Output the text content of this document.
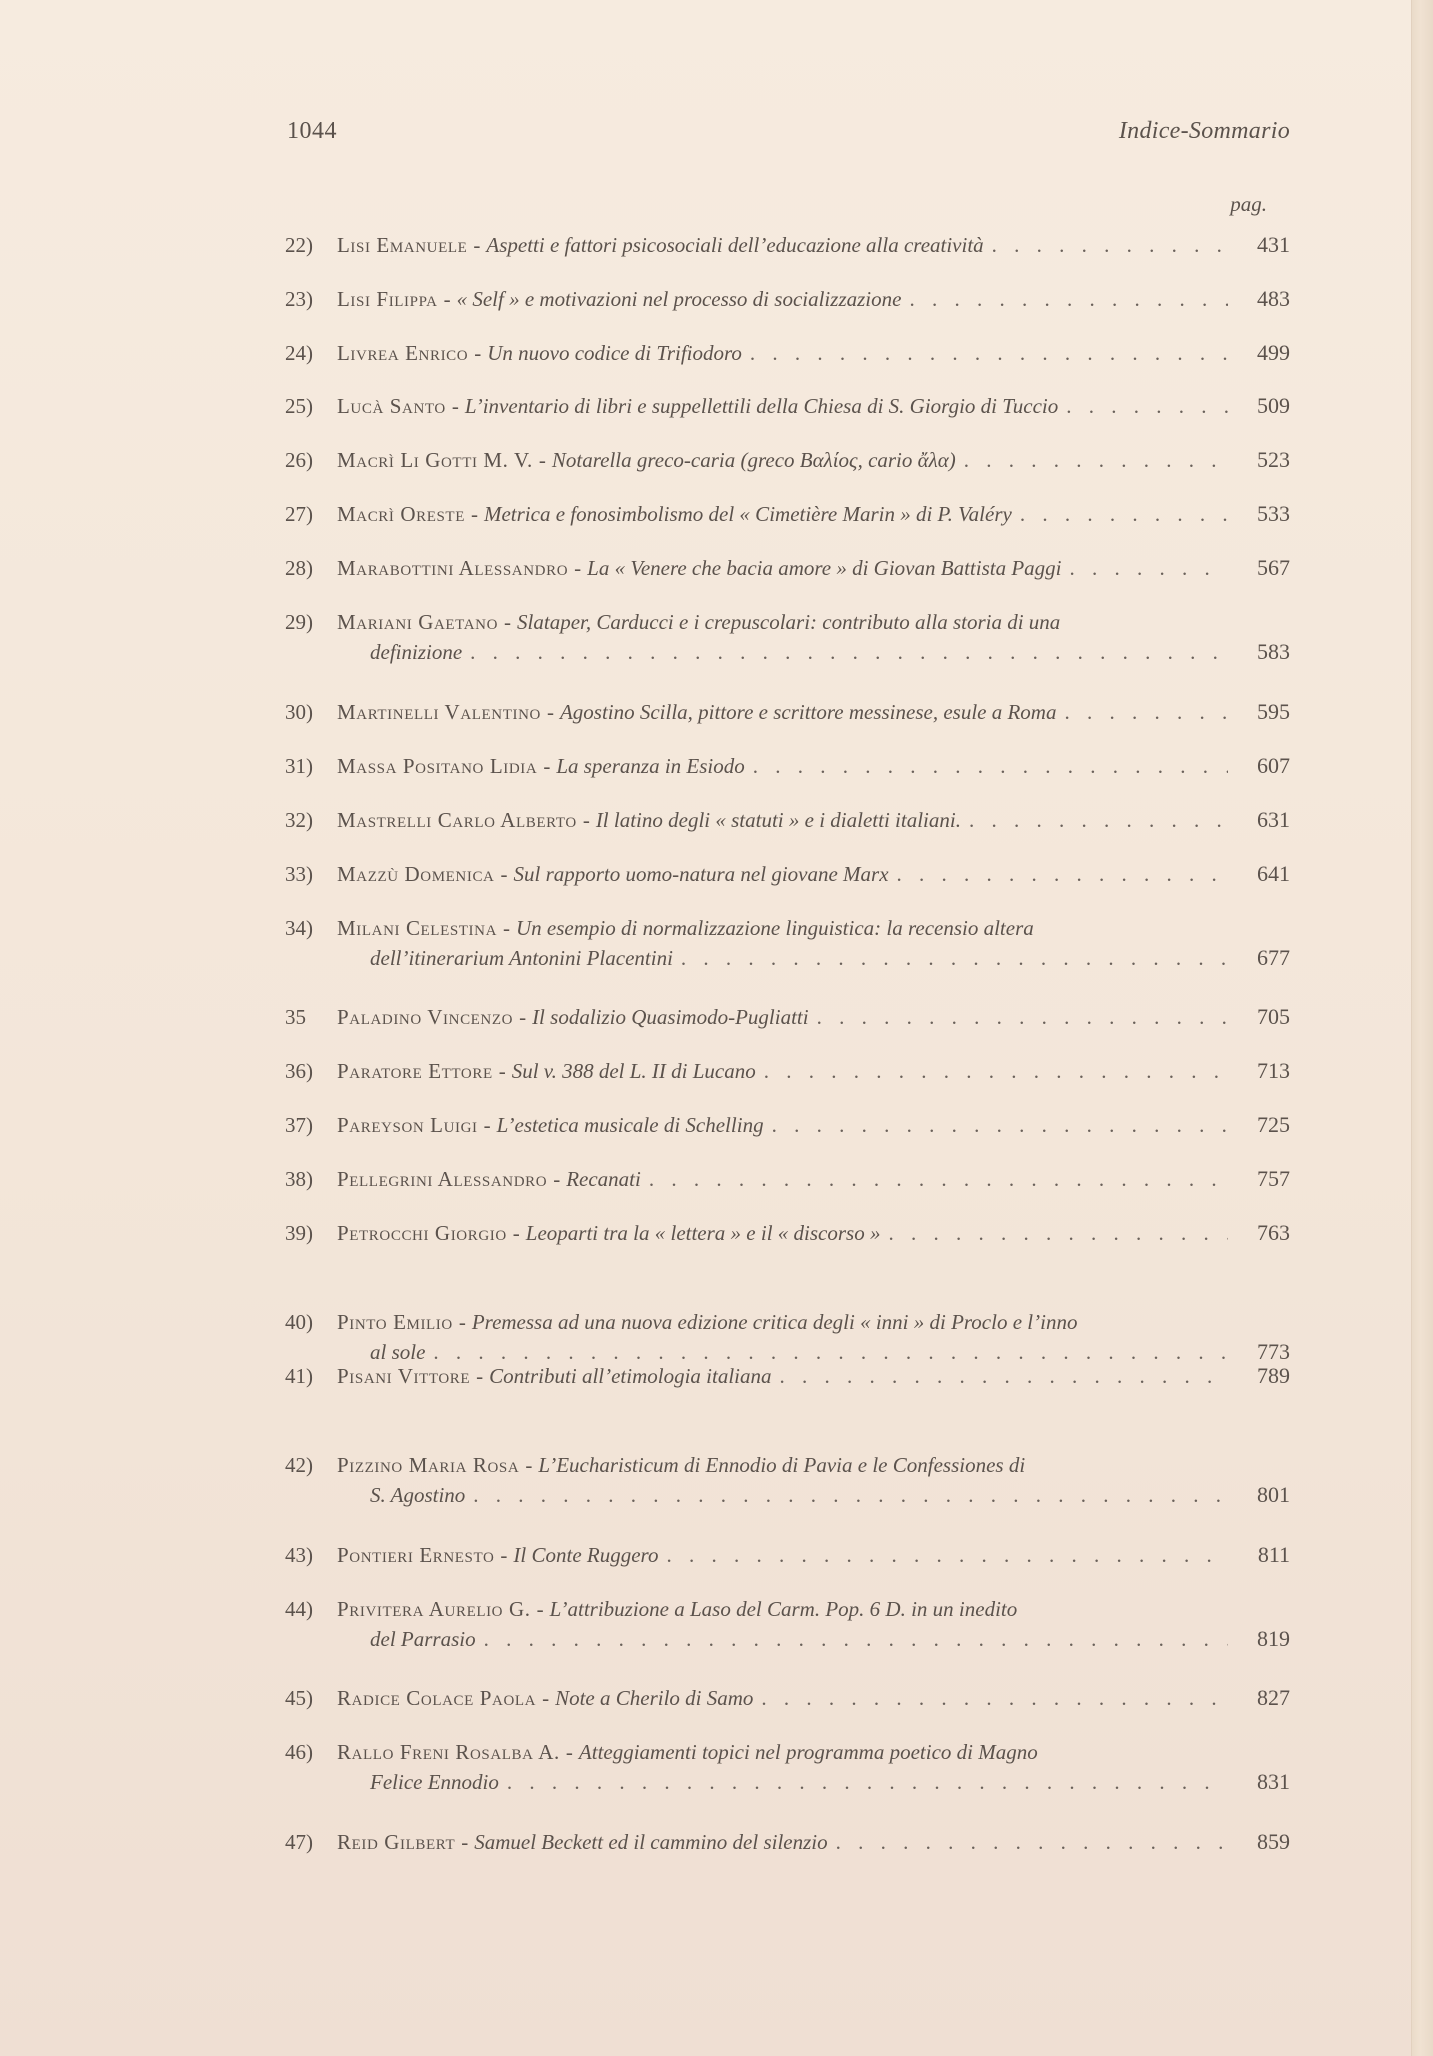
1044	Indice-Sommario
pag.
22)	Lisi Emanuele - Aspetti e fattori psicosociali dell’educazione alla creatività . . .	431
23)	Lisi Filippa - « Self » e motivazioni nel processo di socializzazione . . .	483
24)	Livrea Enrico - Un nuovo codice di Trifiodoro . . .	499
25)	Lucà Santo - L’inventario di libri e suppellettili della Chiesa di S. Giorgio di Tuccio . . .	509
26)	Macrì Li Gotti M. V. - Notarella greco-caria (greco Βαλίος, cario ἄλα) . . .	523
27)	Macrì Oreste - Metrica e fonosimbolismo del « Cimetière Marin » di P. Valéry . . .	533
28)	Marabottini Alessandro - La « Venere che bacia amore » di Giovan Battista Paggi . . .	567
29)	Mariani Gaetano - Slataper, Carducci e i crepuscolari: contributo alla storia di una
definizione . . .	583
30)	Martinelli Valentino - Agostino Scilla, pittore e scrittore messinese, esule a Roma . . .	595
31)	Massa Positano Lidia - La speranza in Esiodo . . .	607
32)	Mastrelli Carlo Alberto - Il latino degli « statuti » e i dialetti italiani. . . .	631
33)	Mazzù Domenica - Sul rapporto uomo-natura nel giovane Marx . . .	641
34)	Milani Celestina - Un esempio di normalizzazione linguistica: la recensio altera
dell’itinerarium Antonini Placentini . . .	677
35	Paladino Vincenzo - Il sodalizio Quasimodo-Pugliatti . . .	705
36)	Paratore Ettore - Sul v. 388 del L. II di Lucano . . .	713
37)	Pareyson Luigi - L’estetica musicale di Schelling . . .	725
38)	Pellegrini Alessandro - Recanati . . .	757
39)	Petrocchi Giorgio - Leoparti tra la « lettera » e il « discorso » . . .	763
40)	Pinto Emilio - Premessa ad una nuova edizione critica degli « inni » di Proclo e l’inno
al sole . . .	773
41)	Pisani Vittore - Contributi all’etimologia italiana . . .	789
42)	Pizzino Maria Rosa - L’Eucharisticum di Ennodio di Pavia e le Confessiones di
S. Agostino . . .	801
43)	Pontieri Ernesto - Il Conte Ruggero . . .	811
44)	Privitera Aurelio G. - L’attribuzione a Laso del Carm. Pop. 6 D. in un inedito
del Parrasio . . .	819
45)	Radice Colace Paola - Note a Cherilo di Samo . . .	827
46)	Rallo Freni Rosalba A. - Atteggiamenti topici nel programma poetico di Magno
Felice Ennodio . . .	831
47)	Reid Gilbert - Samuel Beckett ed il cammino del silenzio . . .	859
